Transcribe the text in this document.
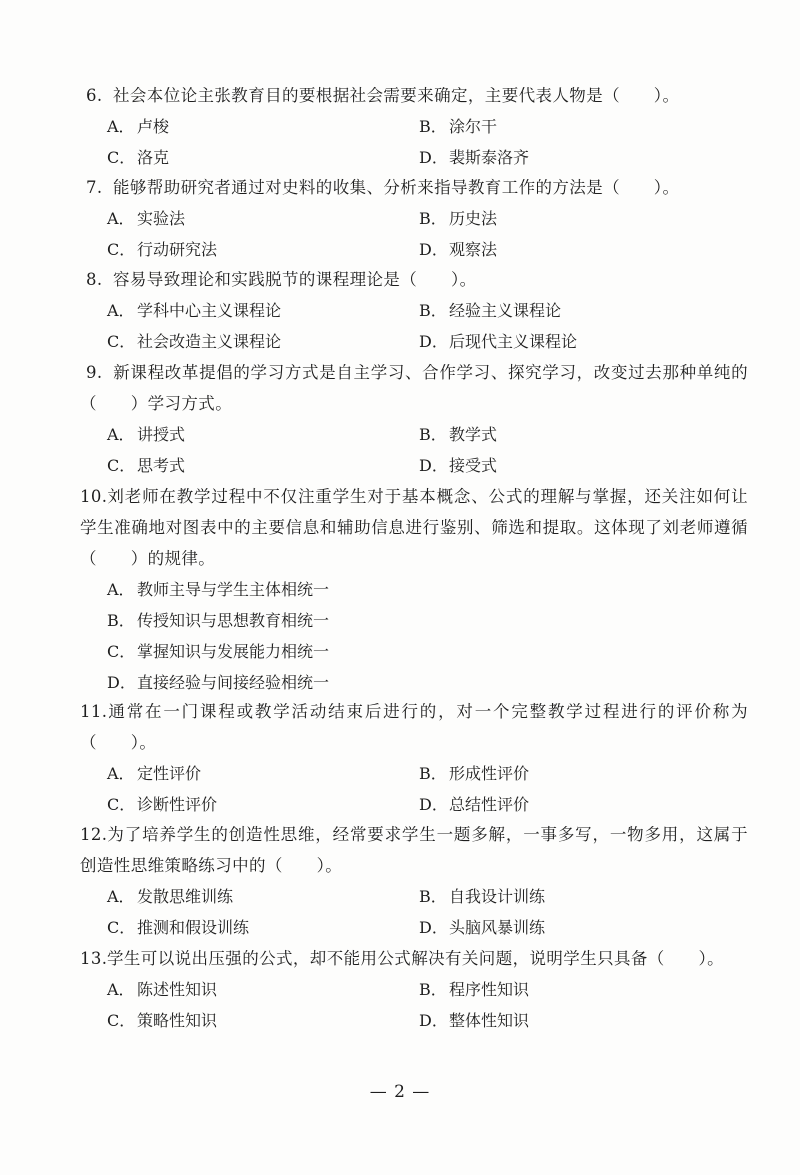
6. 社会本位论主张教育目的要根据社会需要来确定，主要代表人物是（　　）。
A． 卢梭	B． 涂尔干
C． 洛克	D．裴斯泰洛齐
7. 能够帮助研究者通过对史料的收集、分析来指导教育工作的方法是（　　）。
A． 实验法	B． 历史法
C． 行动研究法	D．观察法
8. 容易导致理论和实践脱节的课程理论是（　　）。
A． 学科中心主义课程论	B． 经验主义课程论
C． 社会改造主义课程论	D．后现代主义课程论
9. 新课程改革提倡的学习方式是自主学习、合作学习、探究学习，改变过去那种单纯的（　　）学习方式。
A． 讲授式	B． 教学式
C． 思考式	D．接受式
10.刘老师在教学过程中不仅注重学生对于基本概念、公式的理解与掌握，还关注如何让学生准确地对图表中的主要信息和辅助信息进行鉴别、筛选和提取。这体现了刘老师遵循（　　）的规律。
A． 教师主导与学生主体相统一
B． 传授知识与思想教育相统一
C． 掌握知识与发展能力相统一
D．直接经验与间接经验相统一
11.通常在一门课程或教学活动结束后进行的，对一个完整教学过程进行的评价称为（　　）。
A． 定性评价	B． 形成性评价
C． 诊断性评价	D．总结性评价
12.为了培养学生的创造性思维，经常要求学生一题多解，一事多写，一物多用，这属于创造性思维策略练习中的（　　）。
A． 发散思维训练	B． 自我设计训练
C． 推测和假设训练	D．头脑风暴训练
13.学生可以说出压强的公式，却不能用公式解决有关问题，说明学生只具备（　　）。
A． 陈述性知识	B． 程序性知识
C． 策略性知识	D．整体性知识
— 2 —
